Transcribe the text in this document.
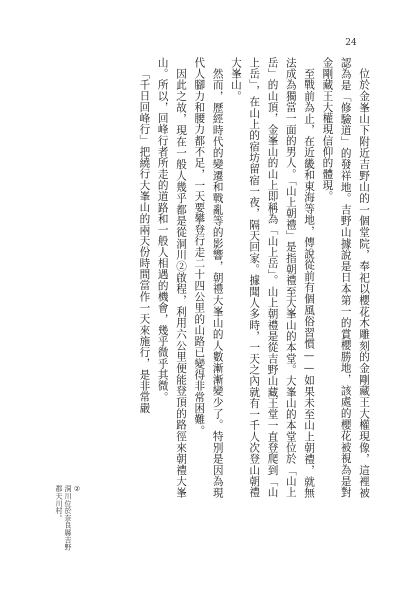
24

位於金峯山下附近吉野山的一個堂院，奉祀以櫻花木雕刻的金剛藏王大權現像，這裡被認為是「修驗道」的發祥地。吉野山據說是日本第一的賞櫻勝地，該處的櫻花被視為是對金剛藏王大權現信仰的體現。

至戰前為止，在近畿和東海等地，傳說從前有個風俗習慣——如果未至山上朝禮，就無法成為獨當一面的男人。「山上朝禮」是指朝禮至大峯山的本堂。大峯山的本堂位於「山上岳」的山頂，金峯山的山上即稱為「山上岳」。山上朝禮是從吉野山藏王堂一直登爬到「山上岳」，在山上的宿坊留宿一夜，隔天回家。據聞人多時，一天之內就有一千人次登山朝禮大峯山。

然而，歷經時代的變遷和戰亂等的影響，朝禮大峯山的人數漸漸變少了。特別是因為現代人腳力和腰力都不足，一天要攀登行走二十四公里的山路已變得非常困難。

因此之故，現在一般人幾乎都是從洞川②啟程，利用六公里便能登頂的路徑來朝禮大峯山。所以，回峰行者所走的道路和一般人相遇的機會，幾乎微乎其微。

「千日回峰行」把繞行大峯山的兩天份時間當作一天來施行，是非常嚴

②

洞川位於奈良縣吉野郡天川村。
